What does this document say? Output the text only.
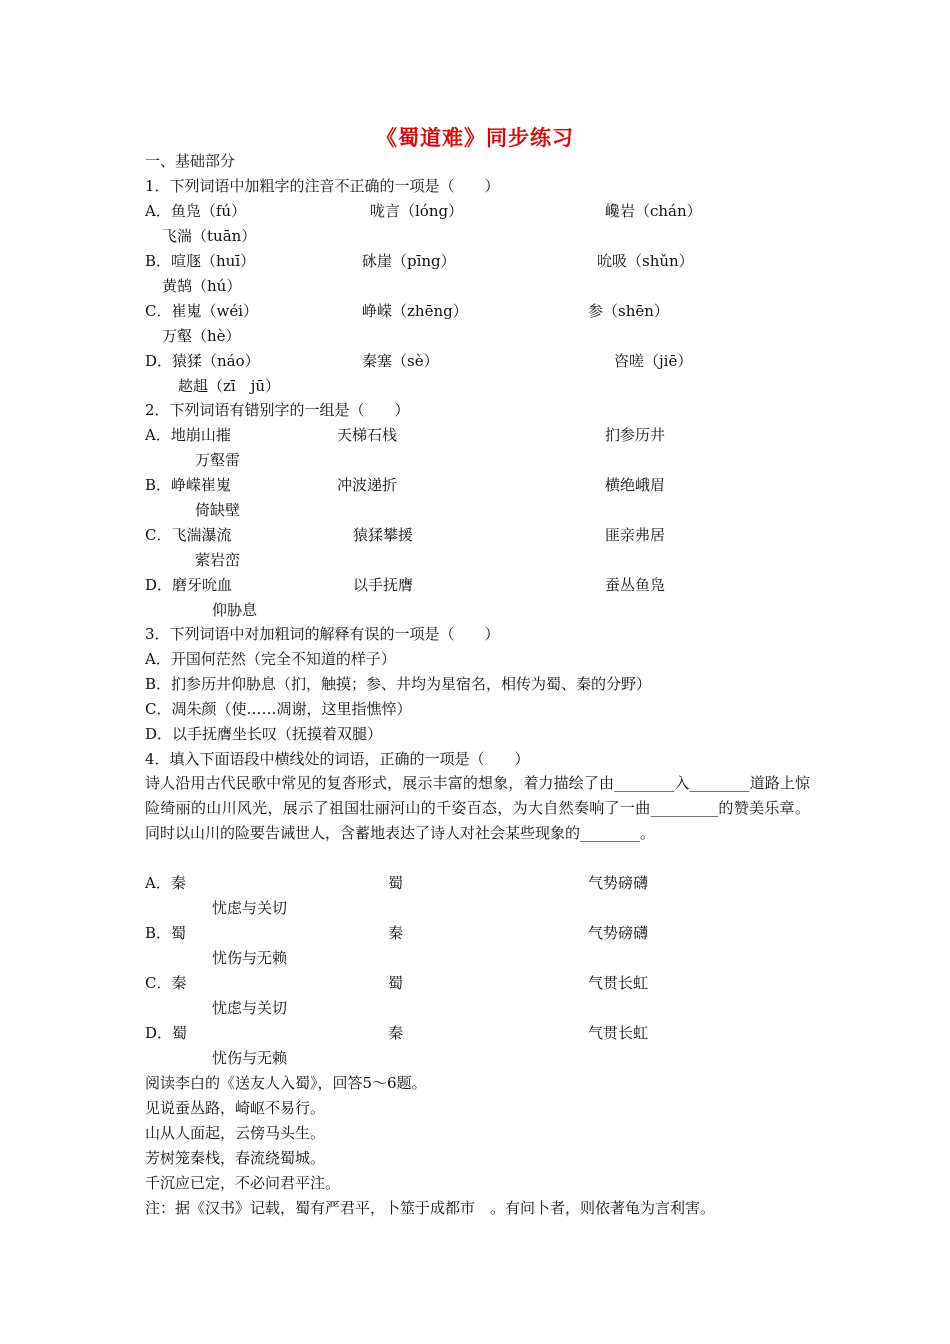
《蜀道难》同步练习
一、基础部分
1．下列词语中加粗字的注音不正确的一项是（　　）
A．鱼凫（fú）	咙言（lóng）	巉岩（chán）
飞湍（tuān）
B．喧豗（huī）	砯崖（pīng）	吮吸（shǔn）
黄鹄（hú）
C．崔嵬（wéi）	峥嵘（zhēng）	参（shēn）
万壑（hè）
D．猿猱（náo）	秦塞（sè）	咨嗟（jiē）
趑趄（zī　jū）
2．下列词语有错别字的一组是（　　）
A．地崩山摧	天梯石栈	扪参历井
万壑雷
B．峥嵘崔嵬	冲波递折	横绝峨眉
倚缺壁
C．飞湍瀑流	猿猱攀援	匪亲弗居
萦岩峦
D．磨牙吮血	以手抚膺	蚕丛鱼凫
仰胁息
3．下列词语中对加粗词的解释有误的一项是（　　）
A．开国何茫然（完全不知道的样子）
B．扪参历井仰胁息（扪，触摸；参、井均为星宿名，相传为蜀、秦的分野）
C．凋朱颜（使……凋谢，这里指憔悴）
D．以手抚膺坐长叹（抚摸着双腿）
4．填入下面语段中横线处的词语，正确的一项是（　　）
诗人沿用古代民歌中常见的复沓形式，展示丰富的想象，着力描绘了由________入________道路上惊险绮丽的山川风光，展示了祖国壮丽河山的千姿百态，为大自然奏响了一曲_________的赞美乐章。同时以山川的险要告诫世人，含蓄地表达了诗人对社会某些现象的________。
A．秦	蜀	气势磅礴
忧虑与关切
B．蜀	秦	气势磅礴
忧伤与无赖
C．秦	蜀	气贯长虹
忧虑与关切
D．蜀	秦	气贯长虹
忧伤与无赖
阅读李白的《送友人入蜀》，回答5～6题。
见说蚕丛路，崎岖不易行。
山从人面起，云傍马头生。
芳树笼秦栈，春流绕蜀城。
千沉应已定，不必问君平注。
注：据《汉书》记载，蜀有严君平，卜筮于成都市　。有问卜者，则依著龟为言利害。
